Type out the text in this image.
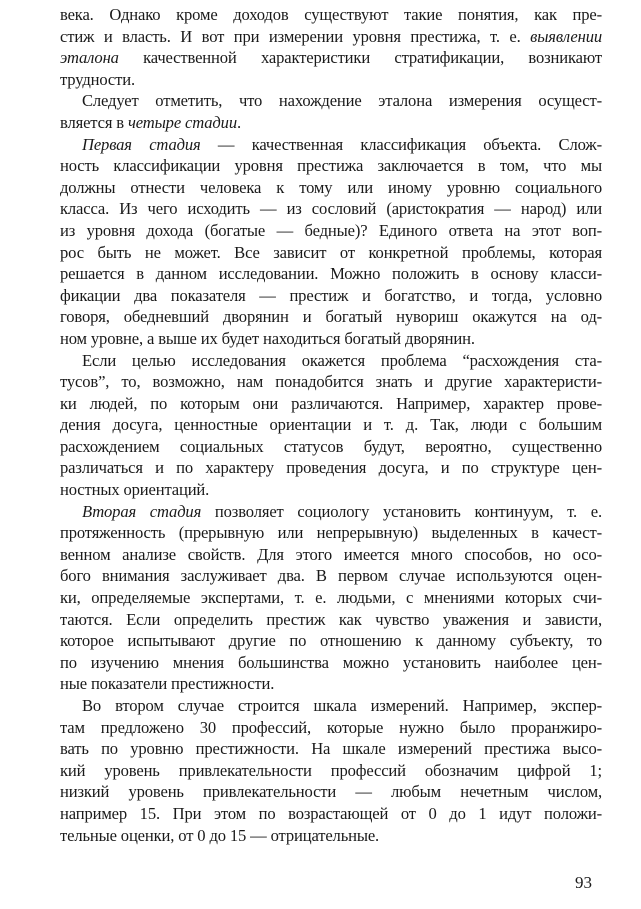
века. Однако кроме доходов существуют такие понятия, как пре-
стиж и власть. И вот при измерении уровня престижа, т. е. выявлении
эталона качественной характеристики стратификации, возникают
трудности.
Следует отметить, что нахождение эталона измерения осущест-
вляется в четыре стадии.
Первая стадия — качественная классификация объекта. Слож-
ность классификации уровня престижа заключается в том, что мы
должны отнести человека к тому или иному уровню социального
класса. Из чего исходить — из сословий (аристократия — народ) или
из уровня дохода (богатые — бедные)? Единого ответа на этот воп-
рос быть не может. Все зависит от конкретной проблемы, которая
решается в данном исследовании. Можно положить в основу класси-
фикации два показателя — престиж и богатство, и тогда, условно
говоря, обедневший дворянин и богатый нувориш окажутся на од-
ном уровне, а выше их будет находиться богатый дворянин.
Если целью исследования окажется проблема “расхождения ста-
тусов”, то, возможно, нам понадобится знать и другие характеристи-
ки людей, по которым они различаются. Например, характер прове-
дения досуга, ценностные ориентации и т. д. Так, люди с большим
расхождением социальных статусов будут, вероятно, существенно
различаться и по характеру проведения досуга, и по структуре цен-
ностных ориентаций.
Вторая стадия позволяет социологу установить континуум, т. е.
протяженность (прерывную или непрерывную) выделенных в качест-
венном анализе свойств. Для этого имеется много способов, но осо-
бого внимания заслуживает два. В первом случае используются оцен-
ки, определяемые экспертами, т. е. людьми, с мнениями которых счи-
таются. Если определить престиж как чувство уважения и зависти,
которое испытывают другие по отношению к данному субъекту, то
по изучению мнения большинства можно установить наиболее цен-
ные показатели престижности.
Во втором случае строится шкала измерений. Например, экспер-
там предложено 30 профессий, которые нужно было проранжиро-
вать по уровню престижности. На шкале измерений престижа высо-
кий уровень привлекательности профессий обозначим цифрой 1;
низкий уровень привлекательности — любым нечетным числом,
например 15. При этом по возрастающей от 0 до 1 идут положи-
тельные оценки, от 0 до 15 — отрицательные.
93
